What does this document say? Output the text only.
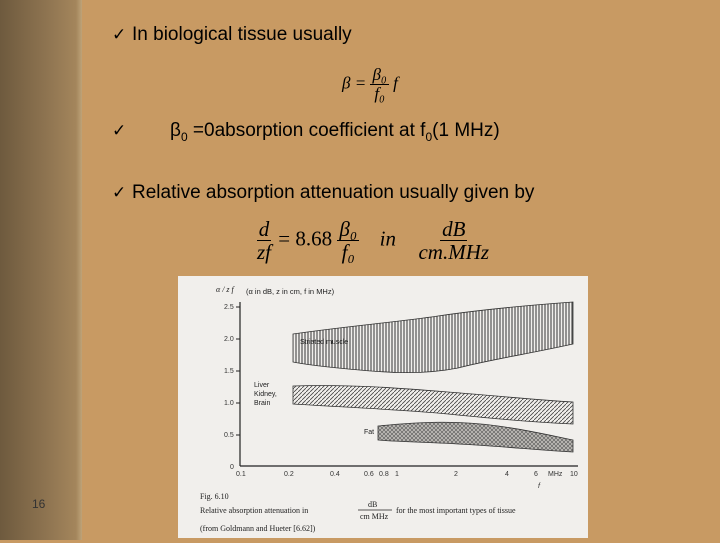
✓ In biological tissue usually
$\beta = \frac{\text{β₀}}{\text{f₀}}$ f
✓	$\beta_0$ =0absorption coefficient at $f_0(1$ MHz)
✓ Relative absorption attenuation usually given by
$\frac{d}{zf} = 8.68 \frac{\text{β₀}}{\text{f₀}}$ in $\frac{dB}{\text{cm.MHz}}$
2.5
2.0
1.5
1.0
0.5
0
α / z f (α in dB, z in cm, f in MHz)
0.1	0.2	0.4	0.6 0.8 1	2	4	6 MHz 10
f
Striated muscle
Liver
Kidney,
Brain
Fat
Fig. 6.10
Relative absorption attenuation in
dB
cm MHz
for the most important types of tissue
(from Goldmann and Hueter [6.62])
16
